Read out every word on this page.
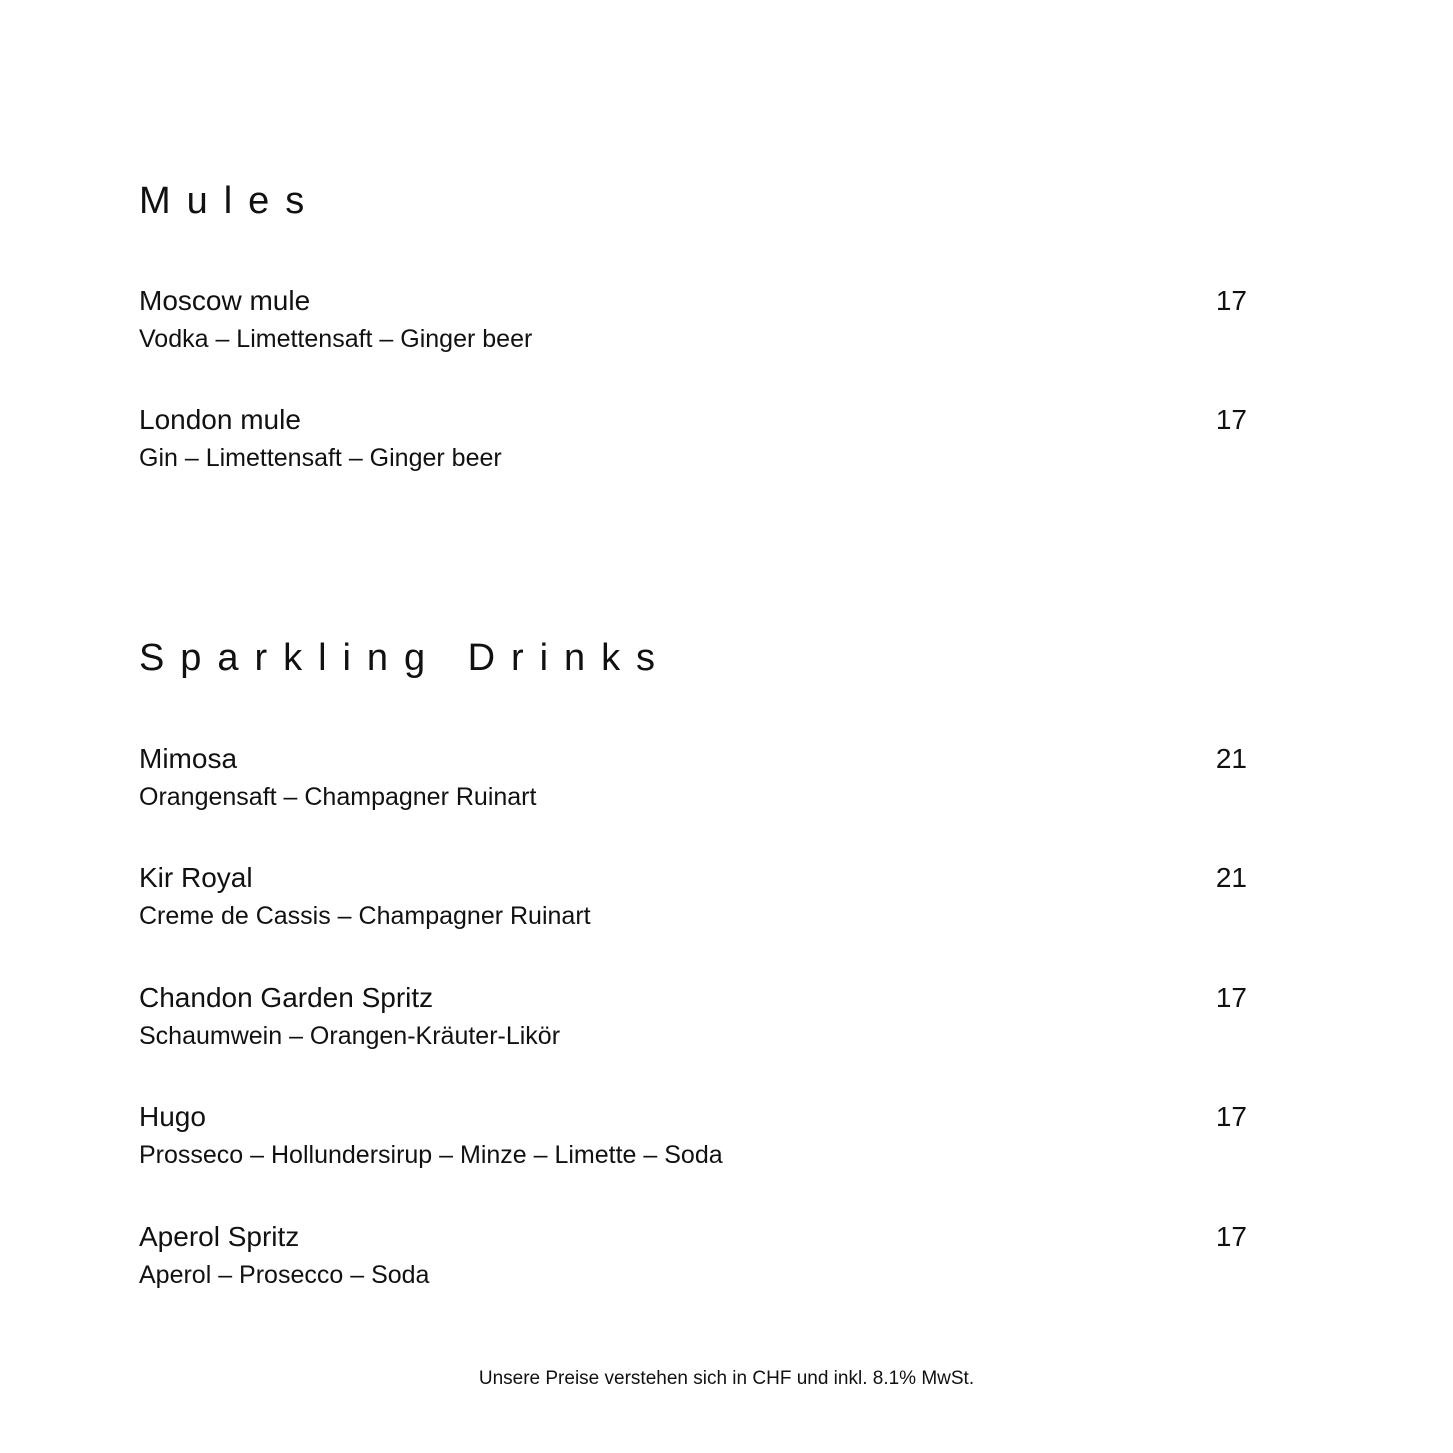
Mules
Moscow mule	17
Vodka – Limettensaft – Ginger beer
London mule	17
Gin – Limettensaft – Ginger beer
Sparkling Drinks
Mimosa	21
Orangensaft – Champagner Ruinart
Kir Royal	21
Creme de Cassis – Champagner Ruinart
Chandon Garden Spritz	17
Schaumwein – Orangen-Kräuter-Likör
Hugo	17
Prosseco – Hollundersirup – Minze – Limette – Soda
Aperol Spritz	17
Aperol – Prosecco – Soda
Unsere Preise verstehen sich in CHF und inkl. 8.1% MwSt.
